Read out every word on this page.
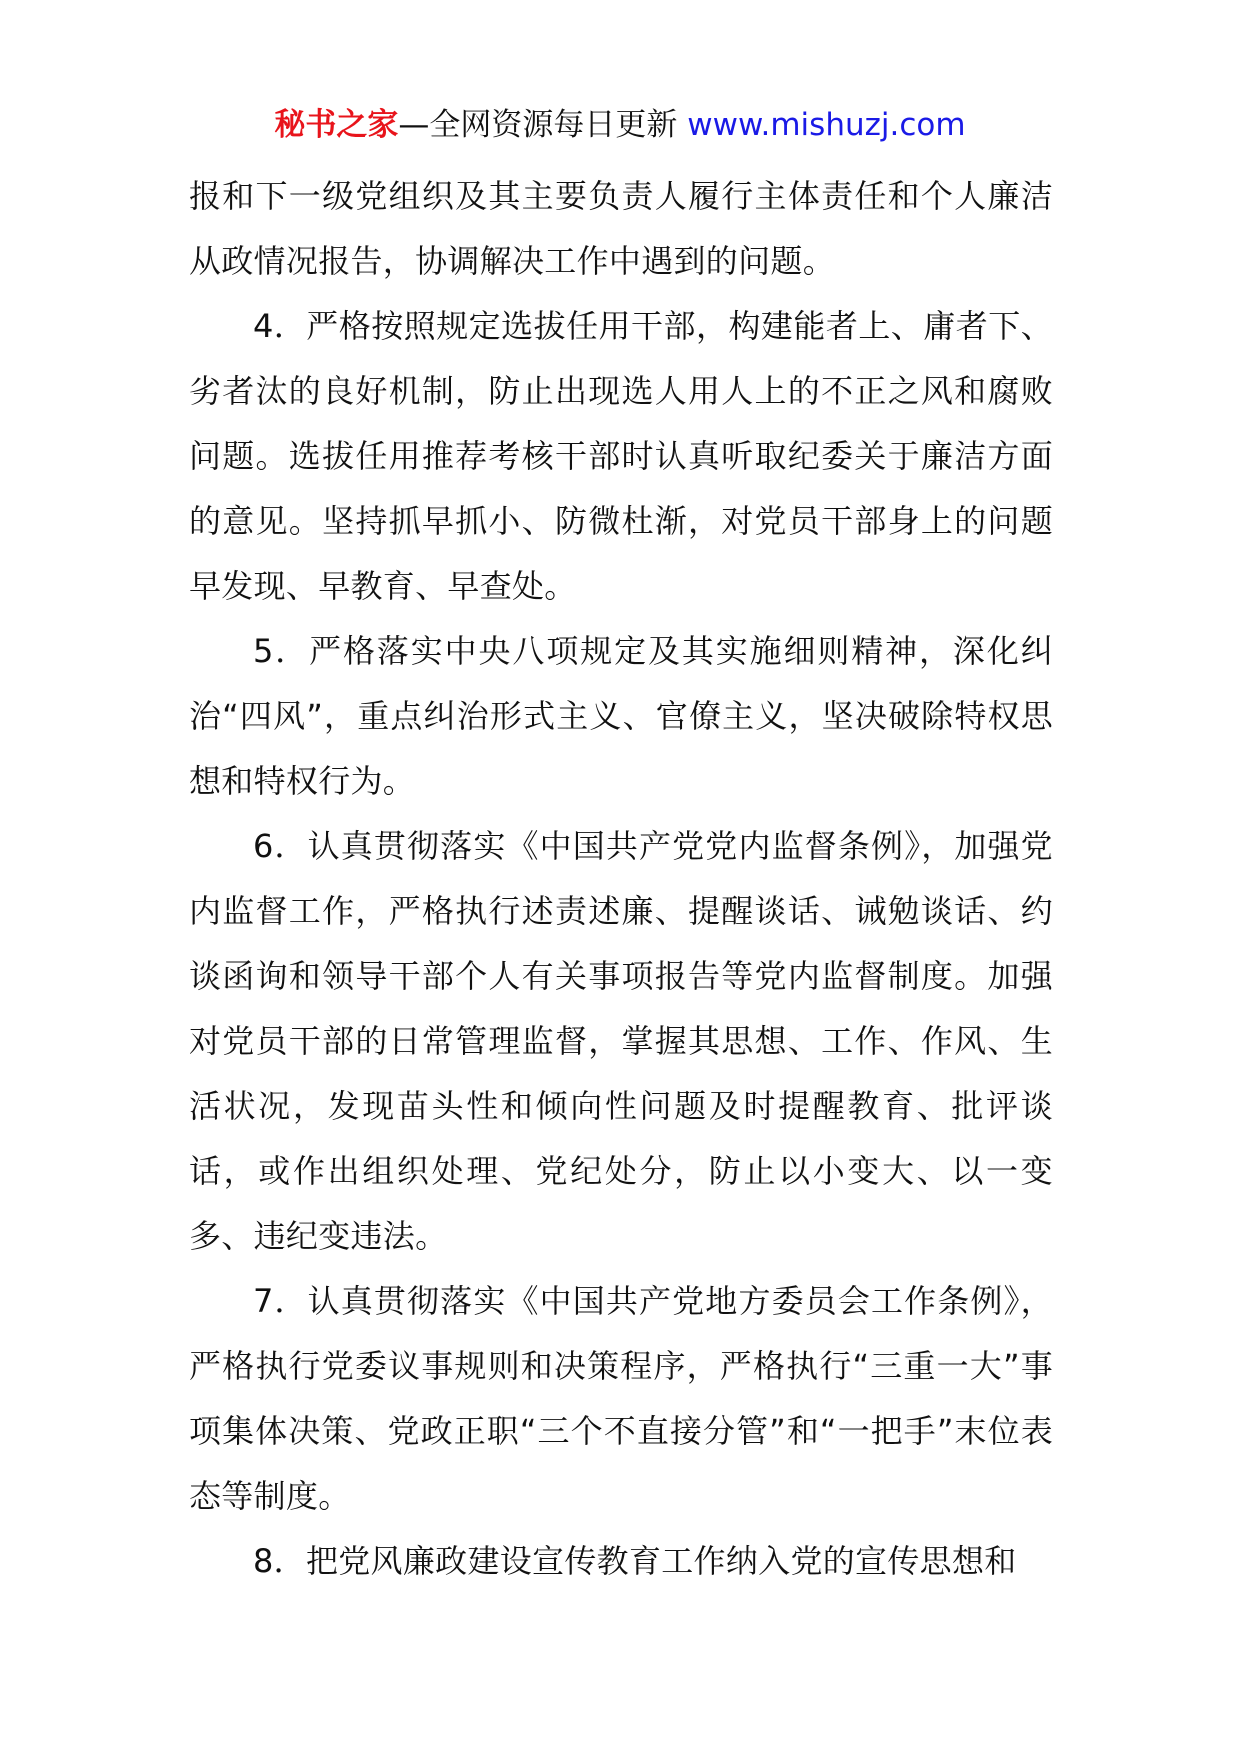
秘书之家—全网资源每日更新 www.mishuzj.com

报和下一级党组织及其主要负责人履行主体责任和个人廉洁从政情况报告，协调解决工作中遇到的问题。

4．严格按照规定选拔任用干部，构建能者上、庸者下、劣者汰的良好机制，防止出现选人用人上的不正之风和腐败问题。选拔任用推荐考核干部时认真听取纪委关于廉洁方面的意见。坚持抓早抓小、防微杜渐，对党员干部身上的问题早发现、早教育、早查处。

5．严格落实中央八项规定及其实施细则精神，深化纠治“四风”，重点纠治形式主义、官僚主义，坚决破除特权思想和特权行为。

6．认真贯彻落实《中国共产党党内监督条例》，加强党内监督工作，严格执行述责述廉、提醒谈话、诫勉谈话、约谈函询和领导干部个人有关事项报告等党内监督制度。加强对党员干部的日常管理监督，掌握其思想、工作、作风、生活状况，发现苗头性和倾向性问题及时提醒教育、批评谈话，或作出组织处理、党纪处分，防止以小变大、以一变多、违纪变违法。

7．认真贯彻落实《中国共产党地方委员会工作条例》，严格执行党委议事规则和决策程序，严格执行“三重一大”事项集体决策、党政正职“三个不直接分管”和“一把手”末位表态等制度。

8．把党风廉政建设宣传教育工作纳入党的宣传思想和
